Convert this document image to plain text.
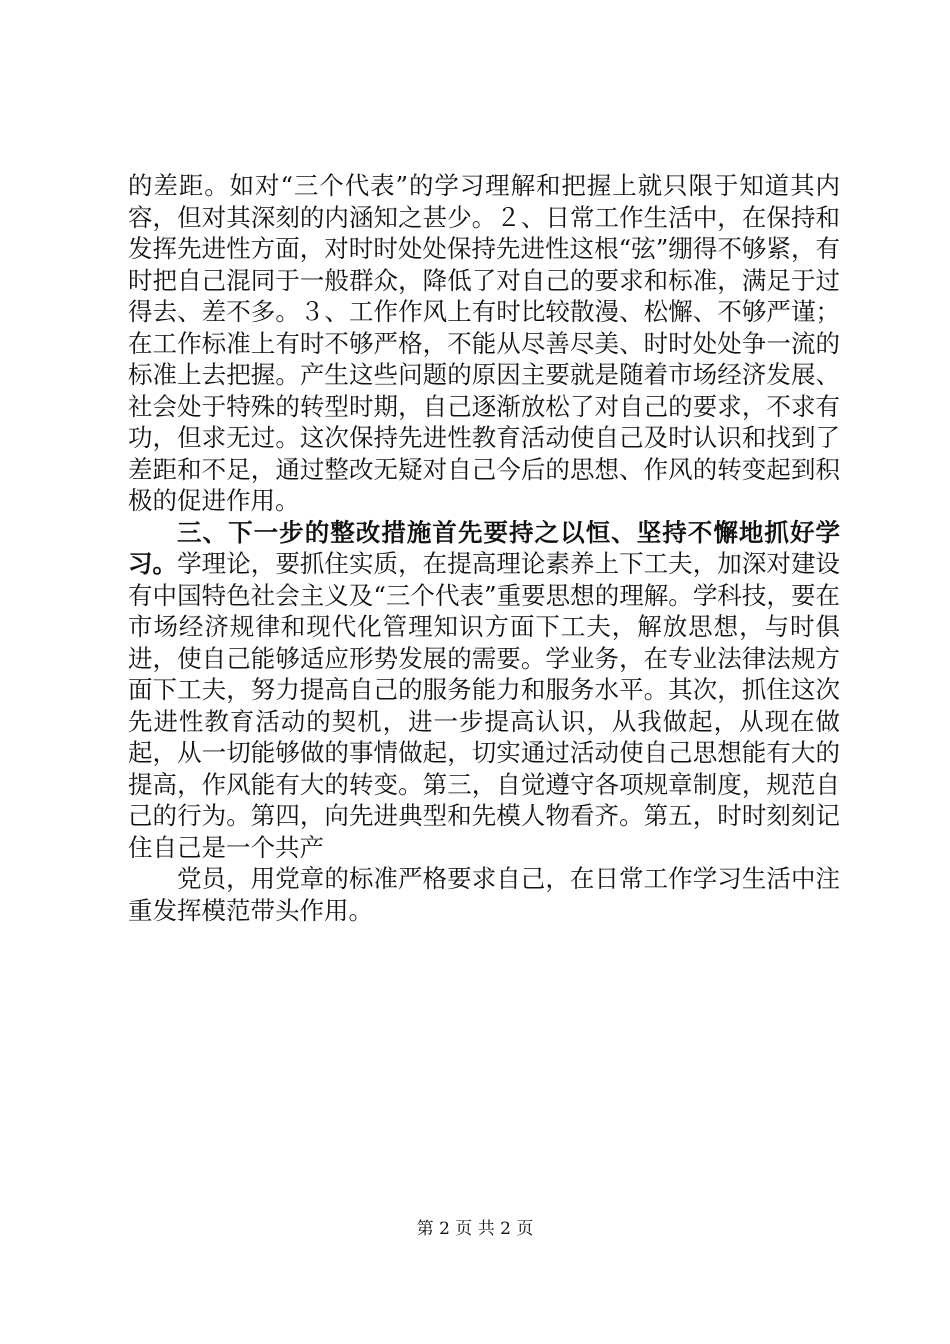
的差距。如对“三个代表”的学习理解和把握上就只限于知道其内容，但对其深刻的内涵知之甚少。２、日常工作生活中，在保持和发挥先进性方面，对时时处处保持先进性这根“弦”绷得不够紧，有时把自己混同于一般群众，降低了对自己的要求和标准，满足于过得去、差不多。３、工作作风上有时比较散漫、松懈、不够严谨；在工作标准上有时不够严格，不能从尽善尽美、时时处处争一流的标准上去把握。产生这些问题的原因主要就是随着市场经济发展、社会处于特殊的转型时期，自己逐渐放松了对自己的要求，不求有功，但求无过。这次保持先进性教育活动使自己及时认识和找到了差距和不足，通过整改无疑对自己今后的思想、作风的转变起到积极的促进作用。

三、下一步的整改措施首先要持之以恒、坚持不懈地抓好学习。学理论，要抓住实质，在提高理论素养上下工夫，加深对建设有中国特色社会主义及“三个代表”重要思想的理解。学科技，要在市场经济规律和现代化管理知识方面下工夫，解放思想，与时俱进，使自己能够适应形势发展的需要。学业务，在专业法律法规方面下工夫，努力提高自己的服务能力和服务水平。其次，抓住这次先进性教育活动的契机，进一步提高认识，从我做起，从现在做起，从一切能够做的事情做起，切实通过活动使自己思想能有大的提高，作风能有大的转变。第三，自觉遵守各项规章制度，规范自己的行为。第四，向先进典型和先模人物看齐。第五，时时刻刻记住自己是一个共产

党员，用党章的标准严格要求自己，在日常工作学习生活中注重发挥模范带头作用。

第 2 页 共 2 页
